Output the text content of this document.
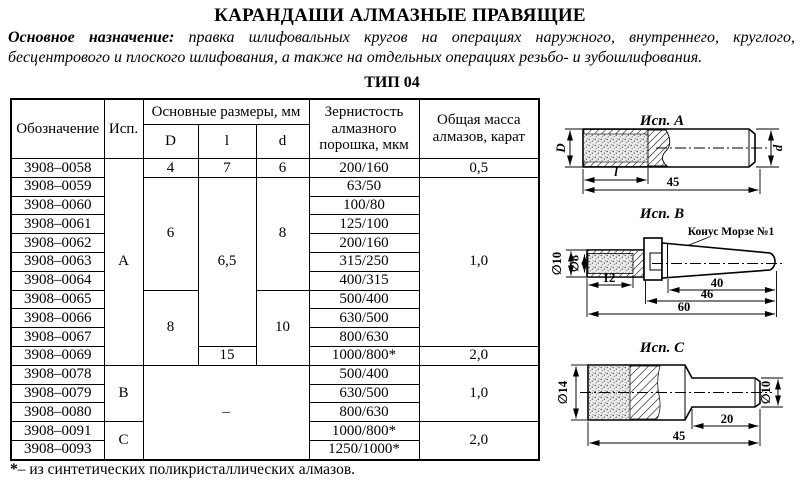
КАРАНДАШИ АЛМАЗНЫЕ ПРАВЯЩИЕ
Основное назначение: правка шлифовальных кругов на операциях наружного, внутреннего, круглого, бесцентрового и плоского шлифования, а также на отдельных операциях резьбо- и зубошлифования.
ТИП 04
Обозначение	Исп.	Основные размеры, мм			Зернистость алмазного порошка, мкм	Общая масса алмазов, карат
		D	l	d		
3908–0058	А	4	7	6	200/160	0,5
3908–0059		6	6,5	8	63/50	1,0
3908–0060					100/80	
3908–0061					125/100	
3908–0062					200/160	
3908–0063					315/250	
3908–0064					400/315	
3908–0065		8		10	500/400	
3908–0066					630/500	
3908–0067					800/630	
3908–0069			15		1000/800*	2,0
3908–0078	В	–			500/400	1,0
3908–0079					630/500	
3908–0080					800/630	
3908–0091	С				1000/800*	2,0
3908–0093					1250/1000*	
*– из синтетических поликристаллических алмазов.
Исп. А
D
l
45
d
Исп. В
Конус Морзе №1
∅10 ∅8
12	40
46
60
Исп. С
∅14	∅10
20
45
